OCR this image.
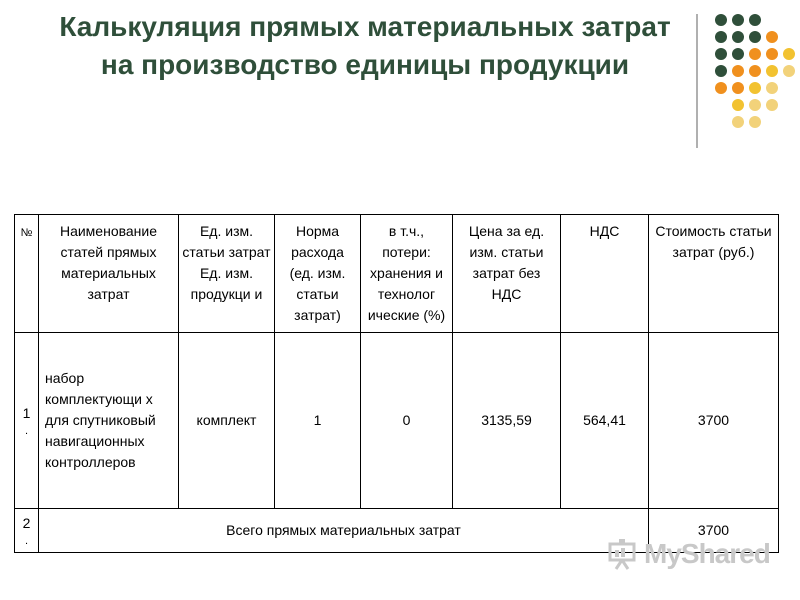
Калькуляция прямых материальных затрат на производство единицы продукции
№	Наименование статей прямых материальных затрат	Ед. изм. статьи затрат Ед. изм. продукци и	Норма расхода (ед. изм. статьи затрат)	в т.ч., потери: хранения и технолог ические (%)	Цена за ед. изм. статьи затрат без НДС	НДС	Стоимость статьи затрат (руб.)
1
.	набор комплектующи х для спутниковый навигационных контроллеров	комплект	1	0	3135,59	564,41	3700
2
.	Всего прямых материальных затрат						3700
MyShared
